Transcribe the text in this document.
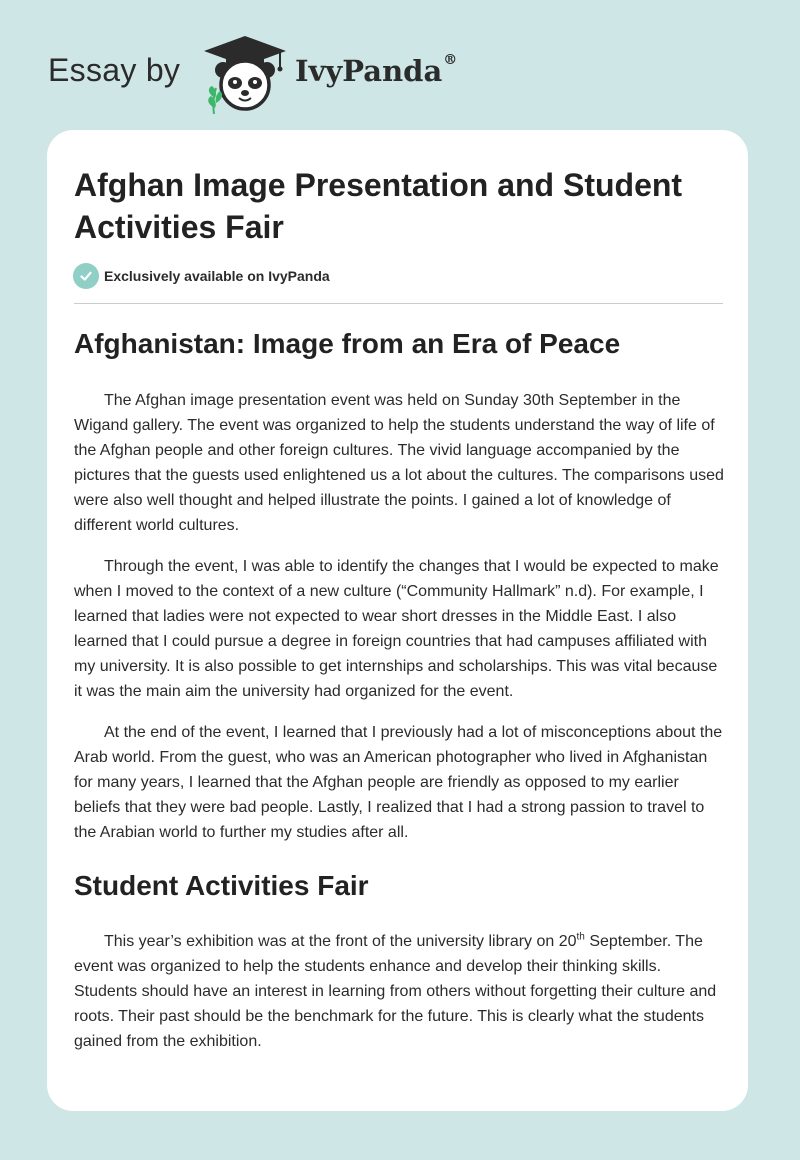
Essay by	IvyPanda®
Afghan Image Presentation and Student Activities Fair
Exclusively available on IvyPanda
Afghanistan: Image from an Era of Peace

The Afghan image presentation event was held on Sunday 30th September in the Wigand gallery. The event was organized to help the students understand the way of life of the Afghan people and other foreign cultures. The vivid language accompanied by the pictures that the guests used enlightened us a lot about the cultures. The comparisons used were also well thought and helped illustrate the points. I gained a lot of knowledge of different world cultures.

Through the event, I was able to identify the changes that I would be expected to make when I moved to the context of a new culture (“Community Hallmark” n.d). For example, I learned that ladies were not expected to wear short dresses in the Middle East. I also learned that I could pursue a degree in foreign countries that had campuses affiliated with my university. It is also possible to get internships and scholarships. This was vital because it was the main aim the university had organized for the event.

At the end of the event, I learned that I previously had a lot of misconceptions about the Arab world. From the guest, who was an American photographer who lived in Afghanistan for many years, I learned that the Afghan people are friendly as opposed to my earlier beliefs that they were bad people. Lastly, I realized that I had a strong passion to travel to the Arabian world to further my studies after all.

Student Activities Fair

This year’s exhibition was at the front of the university library on 20th September. The event was organized to help the students enhance and develop their thinking skills. Students should have an interest in learning from others without forgetting their culture and roots. Their past should be the benchmark for the future. This is clearly what the students gained from the exhibition.
